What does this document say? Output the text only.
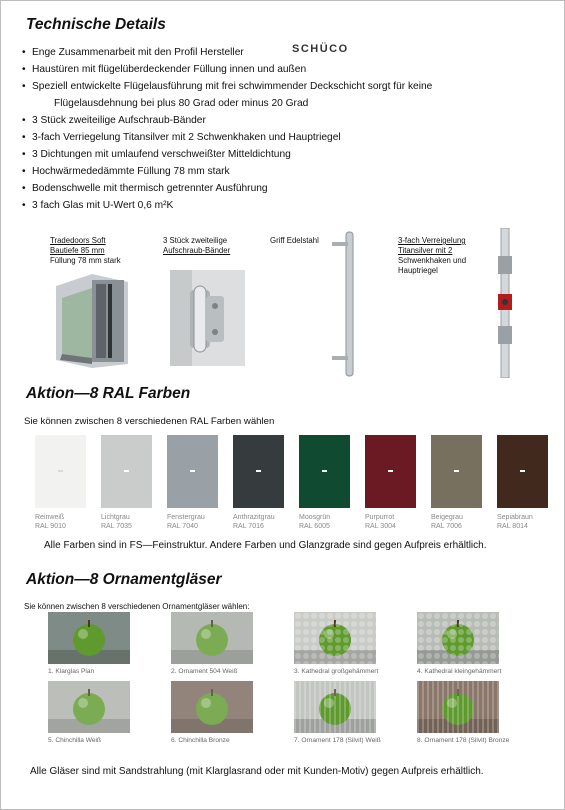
Technische Details
SCHÜCO
• Enge Zusammenarbeit mit den Profil Hersteller
• Haustüren mit flügelüberdeckender Füllung innen und außen
• Speziell entwickelte Flügelausführung mit frei schwimmender Deckschicht sorgt für keine
Flügelausdehnung bei plus 80 Grad oder minus 20 Grad
• 3 Stück zweiteilige Aufschraub-Bänder
• 3-fach Verriegelung Titansilver mit 2 Schwenkhaken und Hauptriegel
• 3 Dichtungen mit umlaufend verschweißter Mitteldichtung
• Hochwärmededämmte Füllung 78 mm stark
• Bodenschwelle mit thermisch getrennter Ausführung
• 3 fach Glas mit U-Wert 0,6 m²K
Tradedoors Soft
Bautiefe 85 mm
Füllung 78 mm stark
3 Stück zweiteilige
Aufschraub-Bänder
Griff Edelstahl	3-fach Verreigelung
Titansilver mit 2
Schwenkhaken und
Hauptriegel
Aktion—8 RAL Farben
Sie können zwischen 8 verschiedenen RAL Farben wählen
Reinweiß
RAL 9010
Lichtgrau
RAL 7035
Fenstergrau
RAL 7040
Anthrazitgrau
RAL 7016
Moosgrün
RAL 6005
Purpurrot
RAL 3004
Beigegrau
RAL 7006
Sepiabraun
RAL 8014
Alle Farben sind in FS—Feinstruktur. Andere Farben und Glanzgrade sind gegen Aufpreis erhältlich.
Aktion—8 Ornamentgläser
Sie können zwischen 8 verschiedenen Ornamentgläser wählen:
1. Klarglas Plan	2. Ornament 504 Weiß	3. Kathedral großgehämmert	4. Kathedral kleingehämmert
5. Chinchilla Weiß	6. Chinchilla Bronze	7. Ornament 178 (Silvit) Weiß	8. Ornament 178 (Silvit) Bronze
Alle Gläser sind mit Sandstrahlung (mit Klarglasrand oder mit Kunden-Motiv) gegen Aufpreis erhältlich.
